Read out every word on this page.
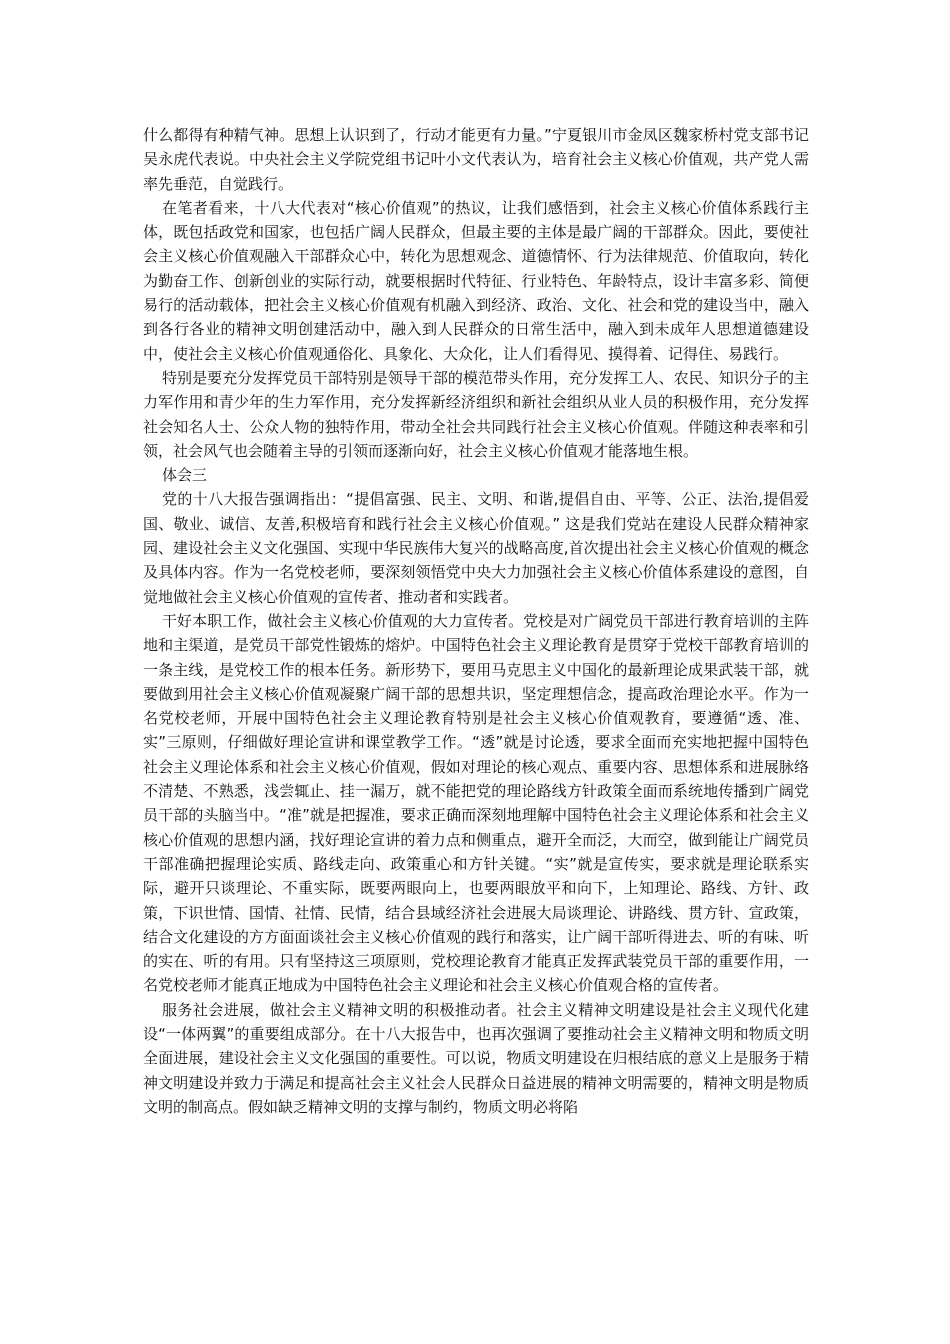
什么都得有种精气神。思想上认识到了，行动才能更有力量。”宁夏银川市金凤区魏家桥村党支部书记吴永虎代表说。中央社会主义学院党组书记叶小文代表认为，培育社会主义核心价值观，共产党人需率先垂范，自觉践行。

在笔者看来，十八大代表对“核心价值观”的热议，让我们感悟到，社会主义核心价值体系践行主体，既包括政党和国家，也包括广阔人民群众，但最主要的主体是最广阔的干部群众。因此，要使社会主义核心价值观融入干部群众心中，转化为思想观念、道德情怀、行为法律规范、价值取向，转化为勤奋工作、创新创业的实际行动，就要根据时代特征、行业特色、年龄特点，设计丰富多彩、简便易行的活动载体，把社会主义核心价值观有机融入到经济、政治、文化、社会和党的建设当中，融入到各行各业的精神文明创建活动中，融入到人民群众的日常生活中，融入到未成年人思想道德建设中，使社会主义核心价值观通俗化、具象化、大众化，让人们看得见、摸得着、记得住、易践行。

特别是要充分发挥党员干部特别是领导干部的模范带头作用，充分发挥工人、农民、知识分子的主力军作用和青少年的生力军作用，充分发挥新经济组织和新社会组织从业人员的积极作用，充分发挥社会知名人士、公众人物的独特作用，带动全社会共同践行社会主义核心价值观。伴随这种表率和引领，社会风气也会随着主导的引领而逐渐向好，社会主义核心价值观才能落地生根。

体会三

党的十八大报告强调指出：“提倡富强、民主、文明、和谐,提倡自由、平等、公正、法治,提倡爱国、敬业、诚信、友善,积极培育和践行社会主义核心价值观。” 这是我们党站在建设人民群众精神家园、建设社会主义文化强国、实现中华民族伟大复兴的战略高度,首次提出社会主义核心价值观的概念及具体内容。作为一名党校老师，要深刻领悟党中央大力加强社会主义核心价值体系建设的意图，自觉地做社会主义核心价值观的宣传者、推动者和实践者。

干好本职工作，做社会主义核心价值观的大力宣传者。党校是对广阔党员干部进行教育培训的主阵地和主渠道，是党员干部党性锻炼的熔炉。中国特色社会主义理论教育是贯穿于党校干部教育培训的一条主线，是党校工作的根本任务。新形势下，要用马克思主义中国化的最新理论成果武装干部，就要做到用社会主义核心价值观凝聚广阔干部的思想共识，坚定理想信念，提高政治理论水平。作为一名党校老师，开展中国特色社会主义理论教育特别是社会主义核心价值观教育，要遵循“透、准、实”三原则，仔细做好理论宣讲和课堂教学工作。“透”就是讨论透，要求全面而充实地把握中国特色社会主义理论体系和社会主义核心价值观，假如对理论的核心观点、重要内容、思想体系和进展脉络不清楚、不熟悉，浅尝辄止、挂一漏万，就不能把党的理论路线方针政策全面而系统地传播到广阔党员干部的头脑当中。“准”就是把握准，要求正确而深刻地理解中国特色社会主义理论体系和社会主义核心价值观的思想内涵，找好理论宣讲的着力点和侧重点，避开全而泛，大而空，做到能让广阔党员干部准确把握理论实质、路线走向、政策重心和方针关键。“实”就是宣传实，要求就是理论联系实际，避开只谈理论、不重实际，既要两眼向上，也要两眼放平和向下，上知理论、路线、方针、政策，下识世情、国情、社情、民情，结合县域经济社会进展大局谈理论、讲路线、贯方针、宣政策，结合文化建设的方方面面谈社会主义核心价值观的践行和落实，让广阔干部听得进去、听的有味、听的实在、听的有用。只有坚持这三项原则，党校理论教育才能真正发挥武装党员干部的重要作用，一名党校老师才能真正地成为中国特色社会主义理论和社会主义核心价值观合格的宣传者。

服务社会进展，做社会主义精神文明的积极推动者。社会主义精神文明建设是社会主义现代化建设“一体两翼”的重要组成部分。在十八大报告中，也再次强调了要推动社会主义精神文明和物质文明全面进展，建设社会主义文化强国的重要性。可以说，物质文明建设在归根结底的意义上是服务于精神文明建设并致力于满足和提高社会主义社会人民群众日益进展的精神文明需要的，精神文明是物质文明的制高点。假如缺乏精神文明的支撑与制约，物质文明必将陷
